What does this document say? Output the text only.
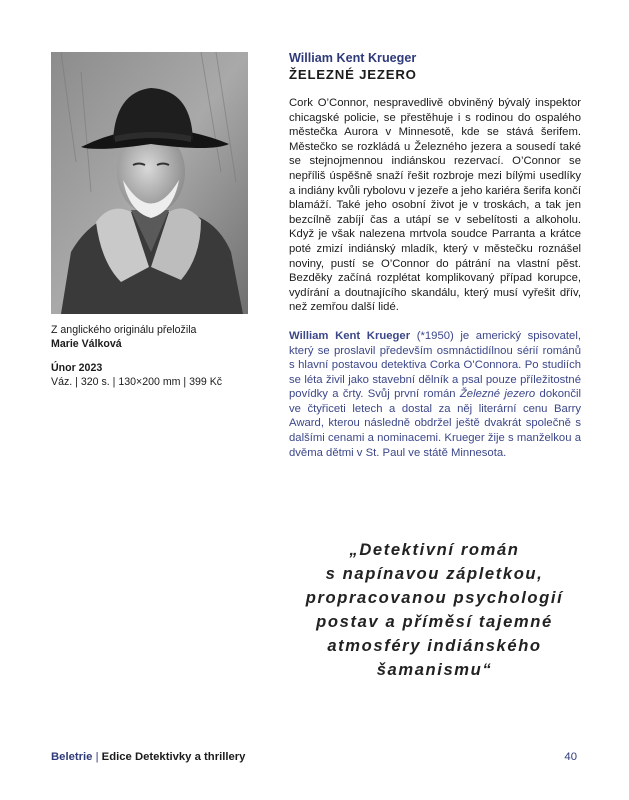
Z anglického originálu přeložila
Marie Válková
Únor 2023
Váz. | 320 s. | 130×200 mm | 399 Kč
William Kent Krueger
ŽELEZNÉ JEZERO
Cork O’Connor, nespravedlivě obviněný bývalý inspektor chicagské policie, se přestěhuje i s rodinou do ospalého městečka Aurora v Minnesotě, kde se stává šerifem. Městečko se rozkládá u Železného jezera a sousedí také se stejnojmennou indiánskou rezervací. O’Connor se nepříliš úspěšně snaží řešit rozbroje mezi bílými usedlíky a indiány kvůli rybolovu v jezeře a jeho kariéra šerifa končí blamáží. Také jeho osobní život je v troskách, a tak jen bezcílně zabíjí čas a utápí se v sebelítosti a alkoholu. Když je však nalezena mrtvola soudce Parranta a krátce poté zmizí indiánský mladík, který v městečku roznášel noviny, pustí se O’Connor do pátrání na vlastní pěst. Bezděky začíná rozplétat komplikovaný případ korupce, vydírání a doutnajícího skandálu, který musí vyřešit dřív, než zemřou další lidé.
William Kent Krueger (*1950) je americký spisovatel, který se proslavil především osmnáctidílnou sérií románů s hlavní postavou detektiva Corka O’Connora. Po studiích se léta živil jako stavební dělník a psal pouze příležitostné povídky a črty. Svůj první román Železné jezero dokončil ve čtyřiceti letech a dostal za něj literární cenu Barry Award, kterou následně obdržel ještě dvakrát společně s dalšími cenami a nominacemi. Krueger žije s manželkou a dvěma dětmi v St. Paul ve státě Minnesota.
„Detektivní román
s napínavou zápletkou,
propracovanou psychologií
postav a příměsí tajemné
atmosféry indiánského
šamanismu“
Beletrie | Edice Detektivky a thrillery	40
